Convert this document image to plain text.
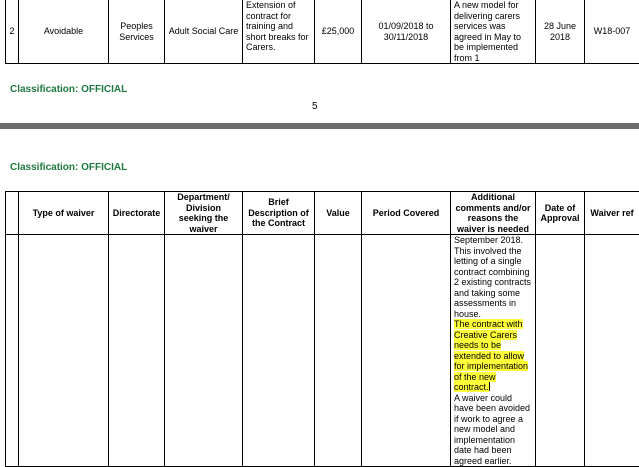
2	Avoidable	Peoples Services	Adult Social Care	Extension of contract for training and short breaks for Carers.	£25,000	01/09/2018 to 30/11/2018	A new model for delivering carers services was agreed in May to be implemented from 1	28 June 2018	W18-007
Classification: OFFICIAL
5
Classification: OFFICIAL
	Type of waiver	Directorate	Department/ Division seeking the waiver	Brief Description of the Contract	Value	Period Covered	Additional comments and/or reasons the waiver is needed	Date of Approval	Waiver ref
							September 2018. This involved the letting of a single contract combining 2 existing contracts and taking some assessments in house.
The contract with Creative Carers needs to be extended to allow for implementation of the new contract.
A waiver could have been avoided if work to agree a new model and implementation date had been agreed earlier.		
